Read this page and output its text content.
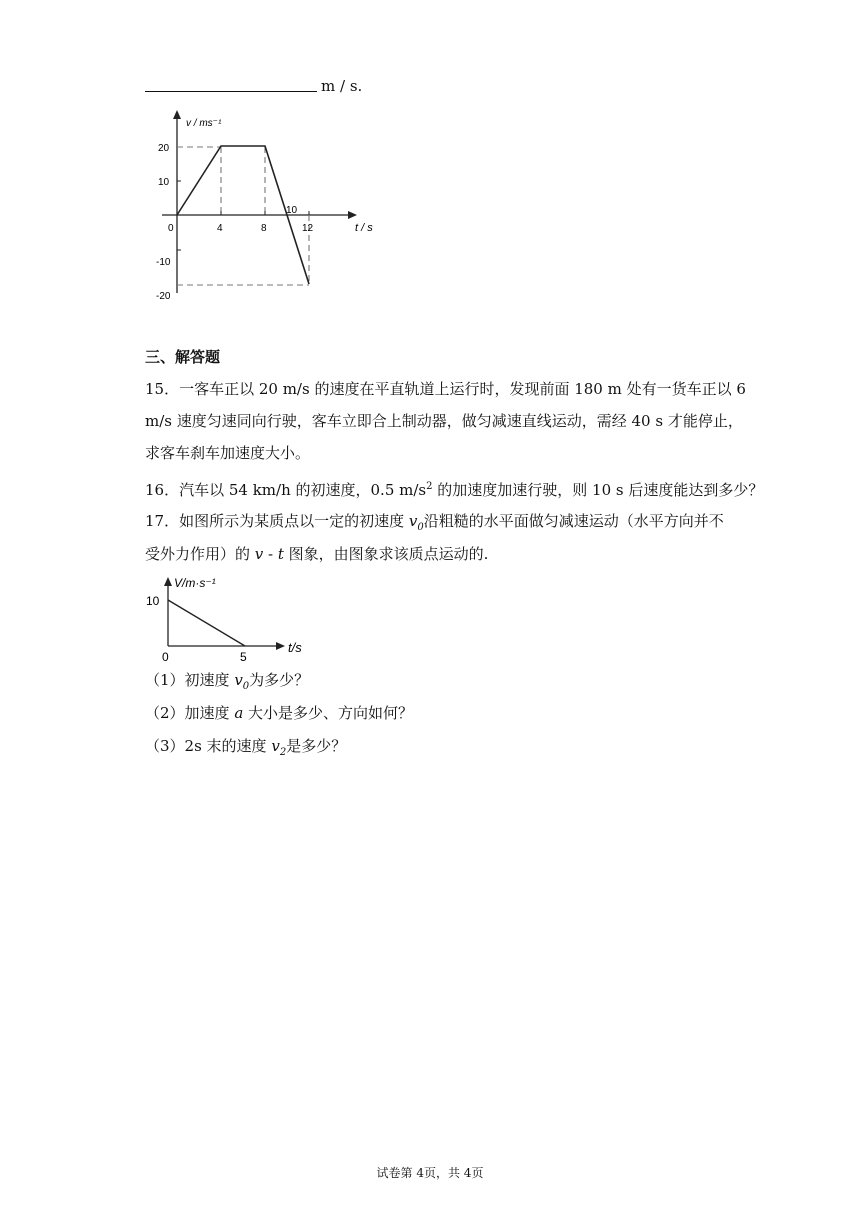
m / s.
v / ms⁻¹
t / s
0	4	8	12
20
10
-10
-20
10
三、解答题
15．一客车正以 20 m/s 的速度在平直轨道上运行时，发现前面 180 m 处有一货车正以 6
m/s 速度匀速同向行驶，客车立即合上制动器，做匀减速直线运动，需经 40 s 才能停止，
求客车刹车加速度大小。
16．汽车以 54 km/h 的初速度，0.5 $m/s^2$ 的加速度加速行驶，则 10 s 后速度能达到多少？
17．如图所示为某质点以一定的初速度 $v_0$沿粗糙的水平面做匀减速运动（水平方向并不
受外力作用）的 v - t 图象，由图象求该质点运动的.
V/m·s⁻¹
t/s
0
10
5
（1）初速度 $v_0$为多少？
（2）加速度 a 大小是多少、方向如何？
（3）2s 末的速度 $v_2$是多少？
试卷第 4页，共 4页
